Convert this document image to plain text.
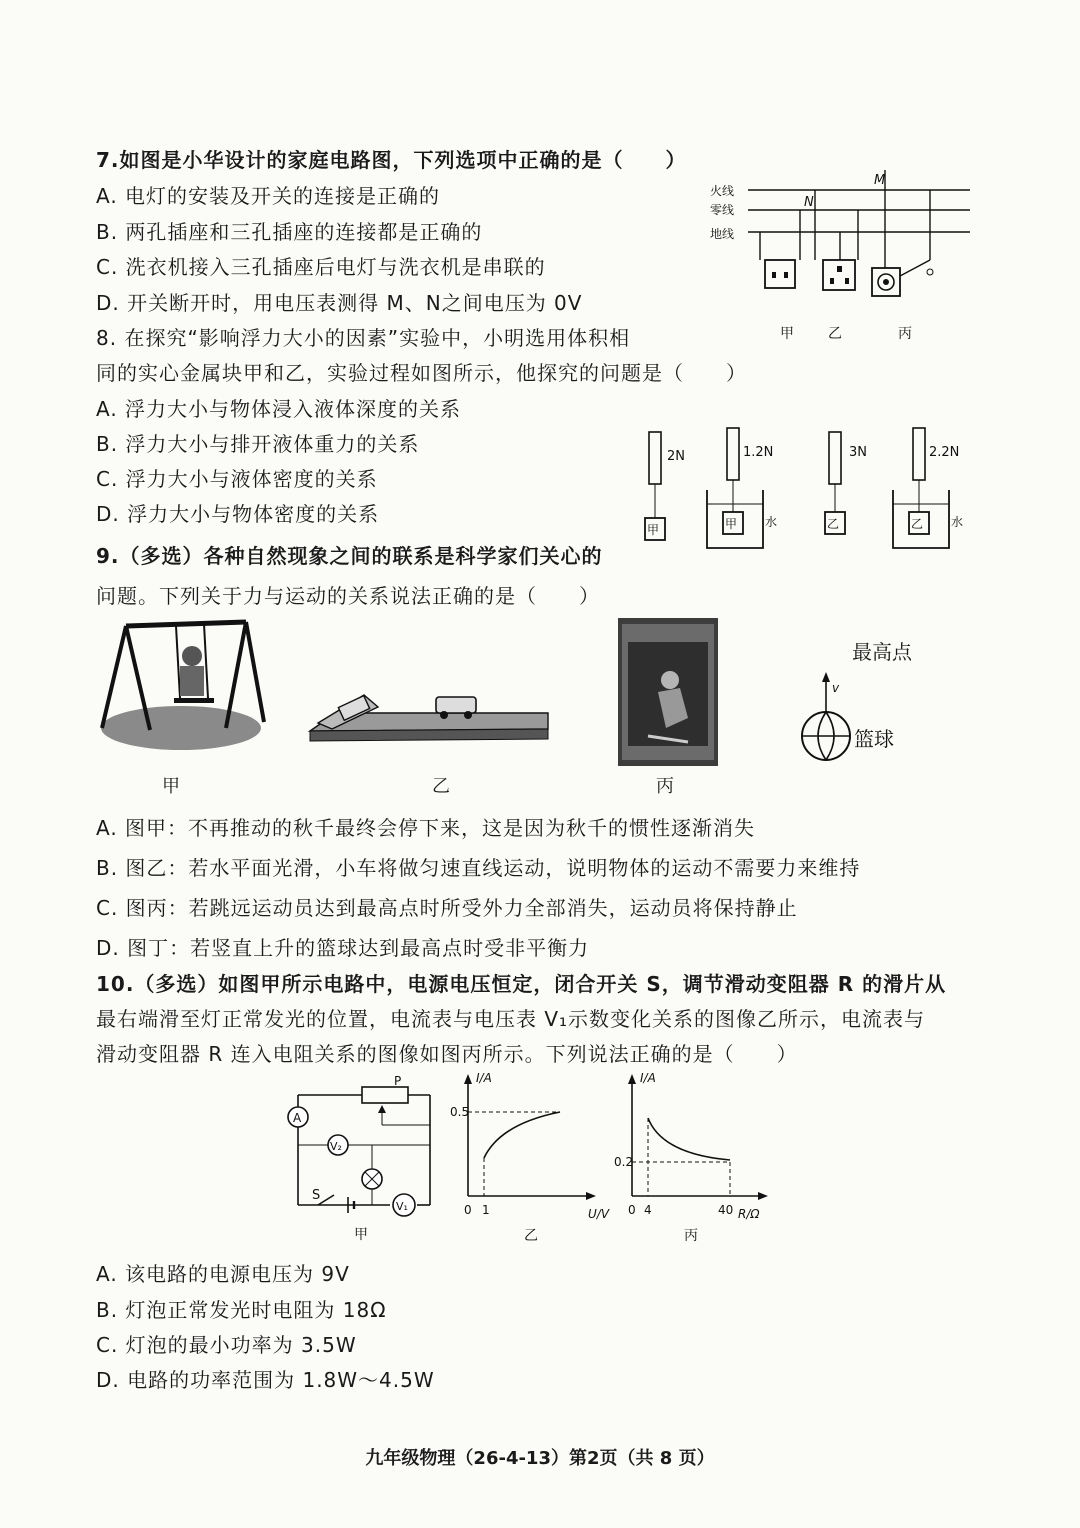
7.如图是小华设计的家庭电路图，下列选项中正确的是（　　）
A. 电灯的安装及开关的连接是正确的
B. 两孔插座和三孔插座的连接都是正确的
C. 洗衣机接入三孔插座后电灯与洗衣机是串联的
D. 开关断开时，用电压表测得 M、N之间电压为 0V
火线
零线
地线
M
N
甲 乙	丙
8. 在探究“影响浮力大小的因素”实验中，小明选用体积相
同的实心金属块甲和乙，实验过程如图所示，他探究的问题是（　　）
A. 浮力大小与物体浸入液体深度的关系
B. 浮力大小与排开液体重力的关系
C. 浮力大小与液体密度的关系
D. 浮力大小与物体密度的关系
甲
2N
甲
1.2N
水	乙
3N
乙
2.2N
水
9.（多选）各种自然现象之间的联系是科学家们关心的
问题。下列关于力与运动的关系说法正确的是（　　）
甲	乙	丙
最高点
v
篮球
A. 图甲：不再推动的秋千最终会停下来，这是因为秋千的惯性逐渐消失
B. 图乙：若水平面光滑，小车将做匀速直线运动，说明物体的运动不需要力来维持
C. 图丙：若跳远运动员达到最高点时所受外力全部消失，运动员将保持静止
D. 图丁：若竖直上升的篮球达到最高点时受非平衡力
10.（多选）如图甲所示电路中，电源电压恒定，闭合开关 S，调节滑动变阻器 R 的滑片从
最右端滑至灯正常发光的位置，电流表与电压表 V₁示数变化关系的图像乙所示，电流表与
滑动变阻器 R 连入电阻关系的图像如图丙所示。下列说法正确的是（　　）
P
A
V₂
S
V₁
甲
I/A
U/V
0.5
0 1
乙
I/A
R/Ω
0.2
0 4	40
丙
A. 该电路的电源电压为 9V
B. 灯泡正常发光时电阻为 18Ω
C. 灯泡的最小功率为 3.5W
D. 电路的功率范围为 1.8W～4.5W
九年级物理（26-4-13）第2页（共 8 页）
